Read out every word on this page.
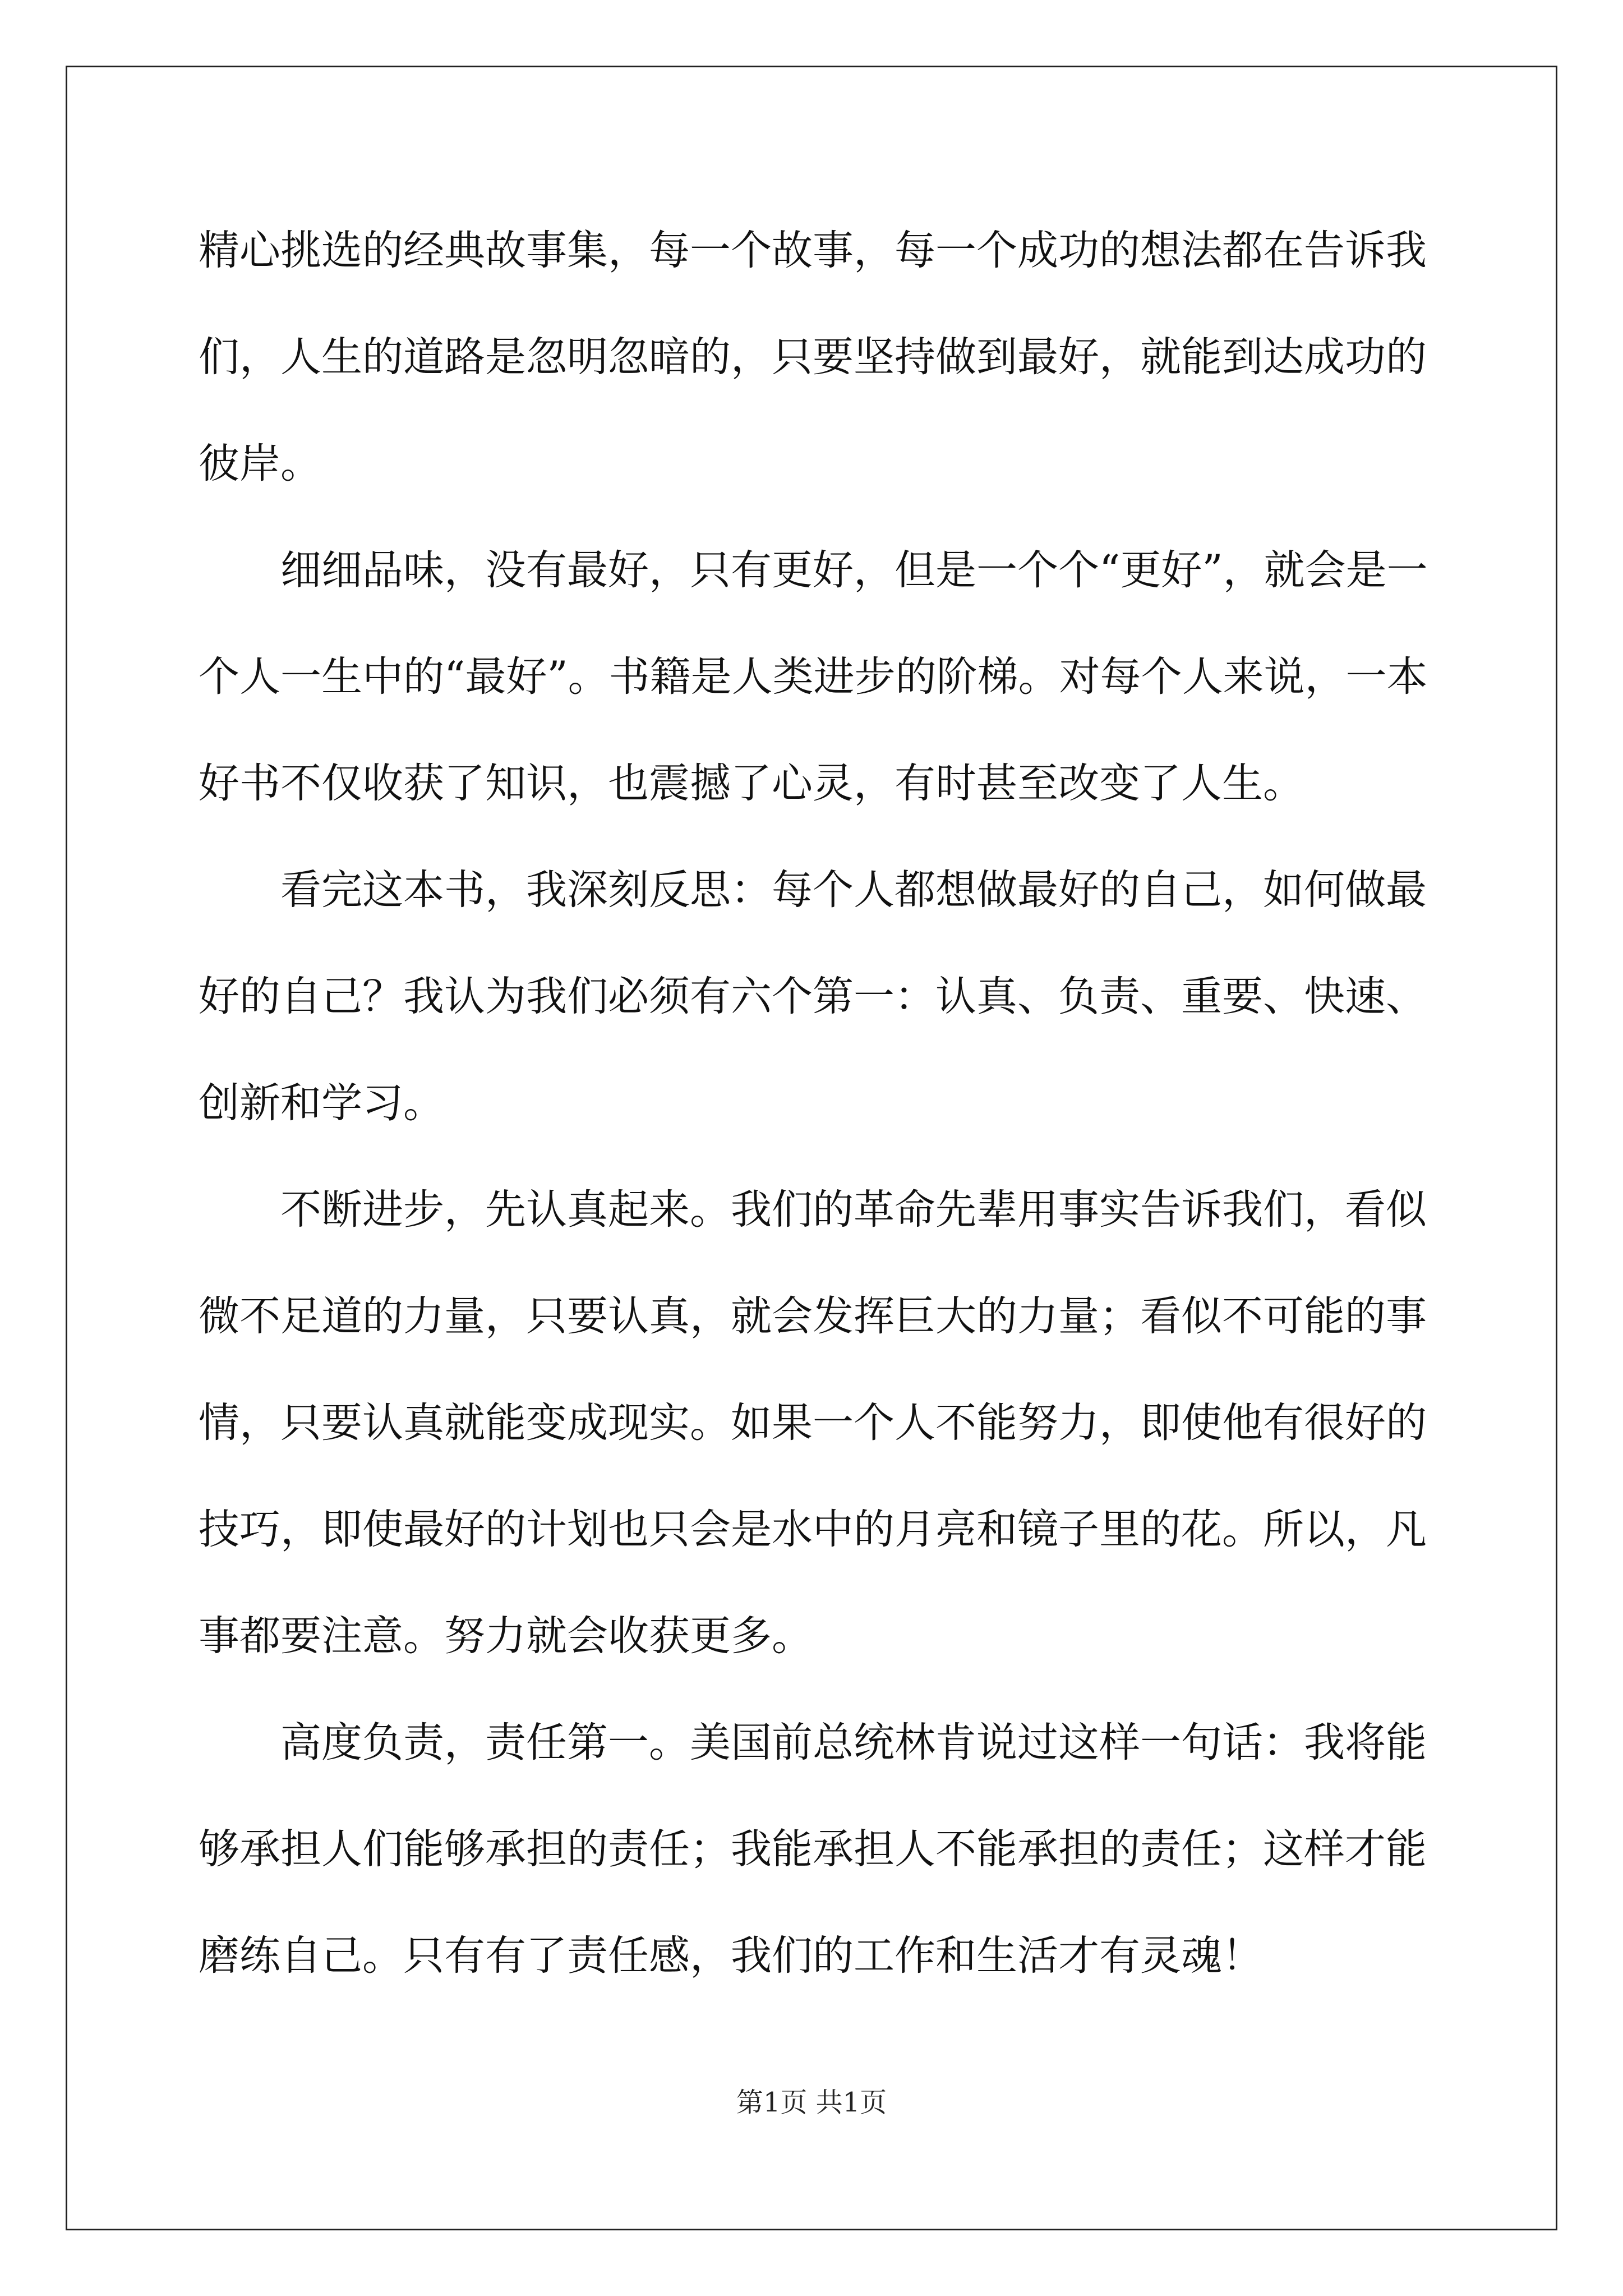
精心挑选的经典故事集，每一个故事，每一个成功的想法都在告诉我
们，人生的道路是忽明忽暗的，只要坚持做到最好，就能到达成功的
彼岸。
细细品味，没有最好，只有更好，但是一个个“更好”，就会是一
个人一生中的“最好”。书籍是人类进步的阶梯。对每个人来说，一本
好书不仅收获了知识，也震撼了心灵，有时甚至改变了人生。
看完这本书，我深刻反思：每个人都想做最好的自己，如何做最
好的自己？我认为我们必须有六个第一：认真、负责、重要、快速、
创新和学习。
不断进步，先认真起来。我们的革命先辈用事实告诉我们，看似
微不足道的力量，只要认真，就会发挥巨大的力量；看似不可能的事
情，只要认真就能变成现实。如果一个人不能努力，即使他有很好的
技巧，即使最好的计划也只会是水中的月亮和镜子里的花。所以，凡
事都要注意。努力就会收获更多。
高度负责，责任第一。美国前总统林肯说过这样一句话：我将能
够承担人们能够承担的责任；我能承担人不能承担的责任；这样才能
磨练自己。只有有了责任感，我们的工作和生活才有灵魂！
第1页 共1页
